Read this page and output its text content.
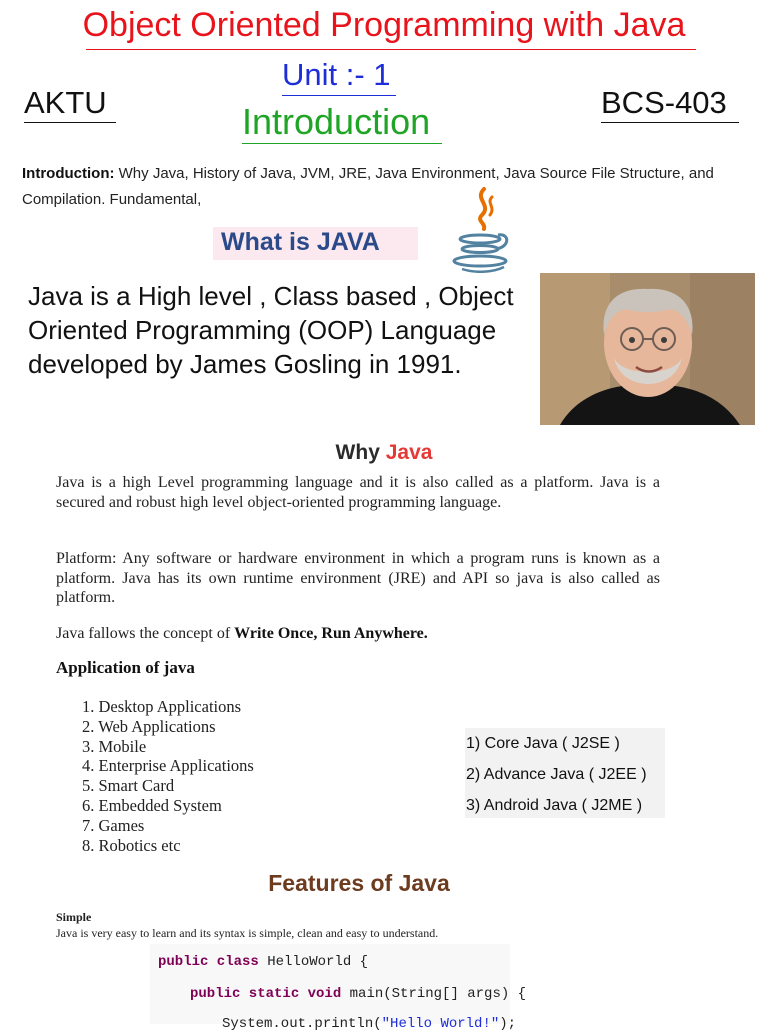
Object Oriented Programming with Java
Unit :- 1
AKTU	BCS-403
Introduction
Introduction: Why Java, History of Java, JVM, JRE, Java Environment, Java Source File Structure, and Compilation. Fundamental,
What is JAVA
Java is a High level , Class based , Object Oriented Programming (OOP) Language developed by James Gosling in 1991.
Why Java
Java is a high Level programming language and it is also called as a platform. Java is a secured and robust high level object-oriented programming language.
Platform: Any software or hardware environment in which a program runs is known as a platform. Java has its own runtime environment (JRE) and API so java is also called as platform.
Java fallows the concept of Write Once, Run Anywhere.
Application of java
1. Desktop Applications
2. Web Applications
3. Mobile
4. Enterprise Applications
5. Smart Card
6. Embedded System
7. Games
8. Robotics etc
1) Core Java ( J2SE )
2) Advance Java ( J2EE )
3) Android Java ( J2ME )
Features of Java
Simple
Java is very easy to learn and its syntax is simple, clean and easy to understand.
public class HelloWorld {
public static void main(String[] args) {
System.out.println("Hello World!");
